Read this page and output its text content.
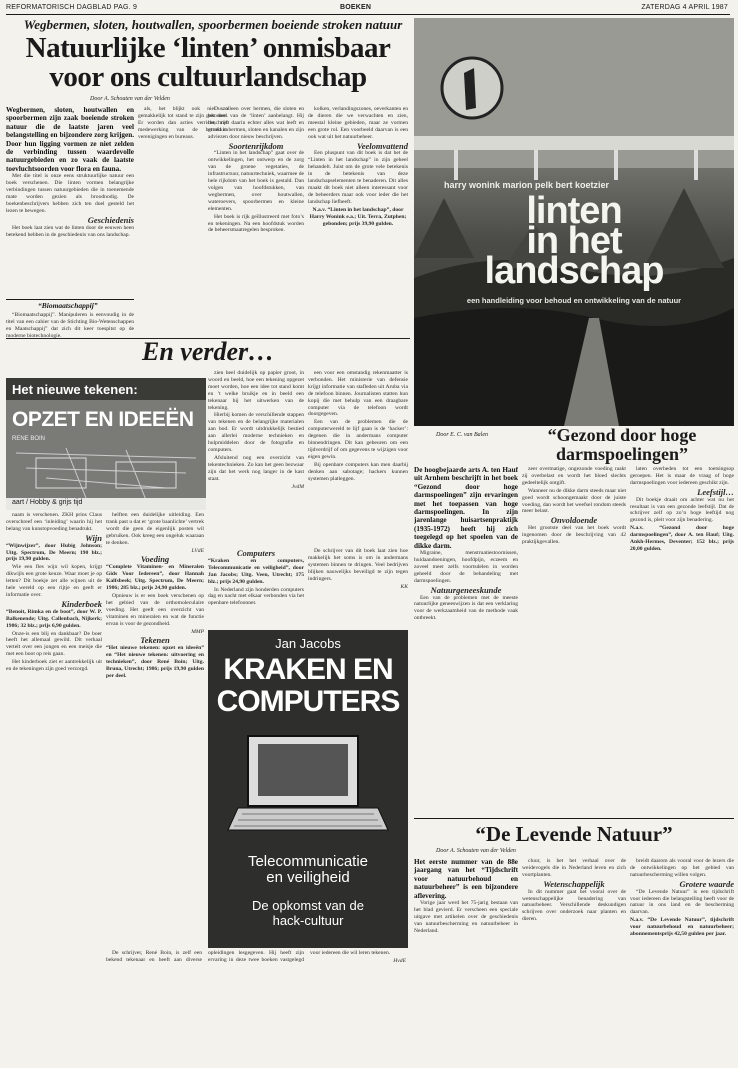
REFORMATORISCH DAGBLAD PAG. 9	BOEKEN	ZATERDAG 4 APRIL 1987
Wegbermen, sloten, houtwallen, spoorbermen boeiende stroken natuur
Natuurlijke ‘linten’ onmisbaar
voor ons cultuurlandschap
Door A. Schouten van der Velden
Wegbermen, sloten, houtwallen en spoorbermen zijn zaak boeiende stroken natuur die de laatste jaren veel belangstelling en bijzondere zorg krijgen. Door hun ligging vormen ze niet zelden de verbinding tussen waardevolle natuurgebieden en zo vaak de laatste toevluchtsoorden voor flora en fauna.

Met die titel is onze eens struktuurlijke natuur een boek verschenen. Die linten vormen belangrijke verbindingen tussen natuurgebieden die in toenemende mate worden gezien als broodnodig. De boekenbeschrijvers hebben zich ten doel gesteld het lezen te bewegen.

Geschiedenis

Het boek laat zien wat de linten door de eeuwen heen betekend hebben in de geschiedenis van ons landschap.

als, het blijkt ook niet zo gemakkelijk tot stand te zijn gekomen. Er worden dan acties verricht, met medewerking van de betrokken verenigingen en bureaus.

Dus alleen over bermen, die sloten en het deel van de ‘linten’ aanbelangt. Hij beschrijft daarin echter alles wat leeft en groeit in bermen, sloten en kanalen en zijn adviezen door nieuw beschrijven.

Soortenrijkdom

“Linten in het landschap” gaat over de ontwikkelingen, het ontwerp en de zorg van de groene vegetaties, de infrastructuur, natuurtechniek, waarmee de hele rijkdom van het boek is gestald. Dan volgen van hoofdstukken, van wegbermen, over houtwallen, wateroevers, spoorbermen en kleine elementen.

Het boek is rijk geïllustreerd met foto’s en tekeningen. Na een hoofdstuk worden de beheersmaatregelen besproken.

kolken, verlandingszones, oeverkanten en de dieren die we verwachten en zien, meestal kleine gebieden, maar ze vormen een grote rol. Een voorbeeld daarvan is een ook wat uit het natuurbeheer.

Veelomvattend

Een pluspunt van dit boek is dat het de “Linten in het landschap” in zijn geheel behandelt. Juist om de grote vele betekenis in de betekenis van deze landschapselementen te benaderen. Dit alles maakt dit boek niet alleen interessant voor de beheerders maar ook voor ieder die het landschap liefheeft.

N.a.v. “Linten in het landschap”, door Harry Wonink e.a.; Uit. Terra, Zutphen; gebonden; prijs 39,90 gulden.

“Biomaatschappij”

“Biomaatschappij”. Manipuleren is eenvoudig in de titel van een cahier van de Stichting Bio-Wetenschappen en Maatschappij” dat zich dit keer toespitst op de moderne biotechnologie.

harry wonink marion pelk bert koetzier
linten
in het
landschap
een handleiding voor behoud en ontwikkeling van de natuur
En verder…
Het nieuwe tekenen:
OPZET EN IDEEËN
RENE BOIN
aart / Hobby & grijs tijd

zien heel duidelijk op papier groot, in woord en beeld, hoe een tekening opgezet moet worden, hoe een idee tot stand komt en ’t welke bruikje en in beeld een tekenaar bij het uitwerken van de tekening.

Hierbij komen de verschillende stappen van tekenen en de belangrijke materialen aan bod. Er wordt uitdrukkelijk bestied aan allerlei moderne technieken en hulpmiddelen door de fotografie en computers.

Afsluitend nog een overzicht van tekentechnieken. Zo kan het geen bezwaar zijn dat het werk nog langer in de kast staat.

JvdM

een voor een omstandig rekenmaatter is verbonden. Het ministerie van defensie krijgt informatie van stafleden uit Aruba via de telefoon binnen. Journalisten statten hun kopij die met behulp van een draagbare computer via de telefoon wordt doorgegeven.

Een van de problemen die de computerwereld te lijf gaan is de ‘hacker’: degenen die in andermans computer binnendringen. Dit kan gebeuren om een tijdverdrijf of om gegevens te wijzigen voor eigen gewin.

Bij openbare computers kan men daarbij denken aan sabotage; hackers kunnen systemen platleggen.

Door E. C. van Balen	“Gezond door hoge darmspoelingen”
De hoogbejaarde arts A. ten Hauf uit Arnhem beschrijft in het boek “Gezond door hoge darmspoelingen” zijn ervaringen met het toepassen van hoge darmspoelingen. In zijn jarenlange huisartsenpraktijk (1935-1972) heeft hij zich toegelegd op het spoelen van de dikke darm.

Migraine, menstruatiestoornissen, huidaandoeningen, hoofdpijn, eczeem en zoveel meer zelfs voortsdelen in worden geheeld door de behandeling met darmspoelingen.

Natuurgeneeskunde

Een van de problemen met de meeste natuurlijke geneeswijzen is dat een verklaring voor de werkzaamheid van de methode vaak ontbreekt.

zeer overmatige, ongezonde voeding raakt zij overbelast en wordt het bloed slechts gedeeltelijk ontgift.

Wanneer nu de dikke darm steeds maar niet goed wordt schoongemaakt door de juiste voeding, dan wordt het weefsel rondom steeds meer belast.

Onvoldoende

Het grootste deel van het boek wordt ingenomen door de beschrijving van 42 praktijkgevallen.

laten overheden tot een toetsingsop geroepen. Het is maar de vraag of hoge darmspoelingen voor iedereen geschikt zijn.

Leefstijl…

Dit boekje draait om achter wat nu het resultaat is van een gezonde leefstijl. Dat de schrijver zelf op zo’n hoge leeftijd nog gezond is, pleit voor zijn benadering.

N.a.v. “Gezond door hoge darmspoelingen”, door A. ten Hauf; Uitg. Ankh-Hermes, Deventer; 152 blz.; prijs 20,00 gulden.

naam is verschenen. ZKH prins Claus overschreef een ‘inleiding’ waarin hij het belang van kunstopvoeding benadrukt.

Wijn

“Wijnwijzer”, door Hubig Johnson; Uitg. Spectrum, De Meern; 190 blz.; prijs 19,90 gulden.

Wie een fles wijn wil kopen, krijgt dikwijls een grote keuze. Waar moet je op letten? Dit boekje zet alle wijnen uit de hele wereld op een rijtje en geeft er informatie over.

Kinderboek

“Benoit, Rimka en de boot”, door W. P. Balkenende; Uitg. Callenbach, Nijkerk; 1986; 32 blz.; prijs 6,90 gulden.

Onze-is een blij en dankbaar? De boer heeft het allemaal gewild. Dit verhaal vertelt over een jongen en een meisje die met een boot op reis gaan.

Het kinderboek ziet er aantrekkelijk uit en de tekeningen zijn goed verzorgd.

helften een duidelijke uitleiding. Een trank past u dat er ‘grote baanlichte’ vertrek wordt die geen de eigenlijk posten wil gebruiken. Ook kreeg een ongeluk waaraan te denken.

LVdE

Voeding

“Complete Vitaminen- en Mineralen Gids Voor Iedereen”, door Hannah Kalfsbeek; Uitg. Spectrum, De Meern; 1986; 285 blz.; prijs 24,90 gulden.

Opnieuw is er een boek verschenen op het gebied van de orthomoleculaire voeding. Het geeft een overzicht van vitaminen en mineralen en wat de functie ervan is voor de gezondheid.

MMP

Tekenen

“Het nieuwe tekenen: opzet en ideeën” en “Het nieuwe tekenen: uitvoering en technieken”, door René Boin; Uitg. Bruna, Utrecht; 1986; prijs 19,90 gulden per deel.

Computers

“Kraken en computers, Telecommunicatie en veiligheid”, door Jan Jacobs; Uitg. Veen, Utrecht; 175 blz.; prijs 24,90 gulden.

In Nederland zijn honderden computers dag en nacht met elkaar verbonden via het openbare telefoonnet.

De schrijver van dit boek laat zien hoe makkelijk het soms is om in andermans systemen binnen te dringen. Veel bedrijven blijken nauwelijks beveiligd te zijn tegen indringers.

KK

Jan Jacobs
KRAKEN EN
COMPUTERS
Telecommunicatie
en veiligheid
De opkomst van de
hack-cultuur

De schrijver, René Boin, is zelf een bekend tekenaar en heeft aan diverse opleidingen lesgegeven. Hij heeft zijn ervaring in deze twee boeken vastgelegd voor iedereen die wil leren tekenen.

HvdE

“De Levende Natuur”
Door A. Schouten van der Velden
Het eerste nummer van de 88e jaargang van het “Tijdschrift voor natuurbehoud en natuurbeheer” is een bijzondere aflevering.

Vorige jaar werd het 75-jarig bestaan van het blad gevierd. Er verscheen een speciale uitgave met artikelen over de geschiedenis van natuurbescherming en natuurbeheer in Nederland.

cluur, is het het verhaal over de weidevogels die in Nederland leven en zich voortplanten.

Wetenschappelijk

In dit nummer gaat het vooral over de wetenschappelijke benadering van natuurbeheer. Verschillende deskundigen schrijven over onderzoek naar planten en dieren.

breidt daarom als vooral voor de lezers die de ontwikkelingen op het gebied van natuurbescherming willen volgen.

Grotere waarde

“De Levende Natuur” is een tijdschrift voor iedereen die belangstelling heeft voor de natuur in ons land en de bescherming daarvan.

N.a.v. “De Levende Natuur”, tijdschrift voor natuurbehoud en natuurbeheer; abonnementsprijs 42,50 gulden per jaar.
